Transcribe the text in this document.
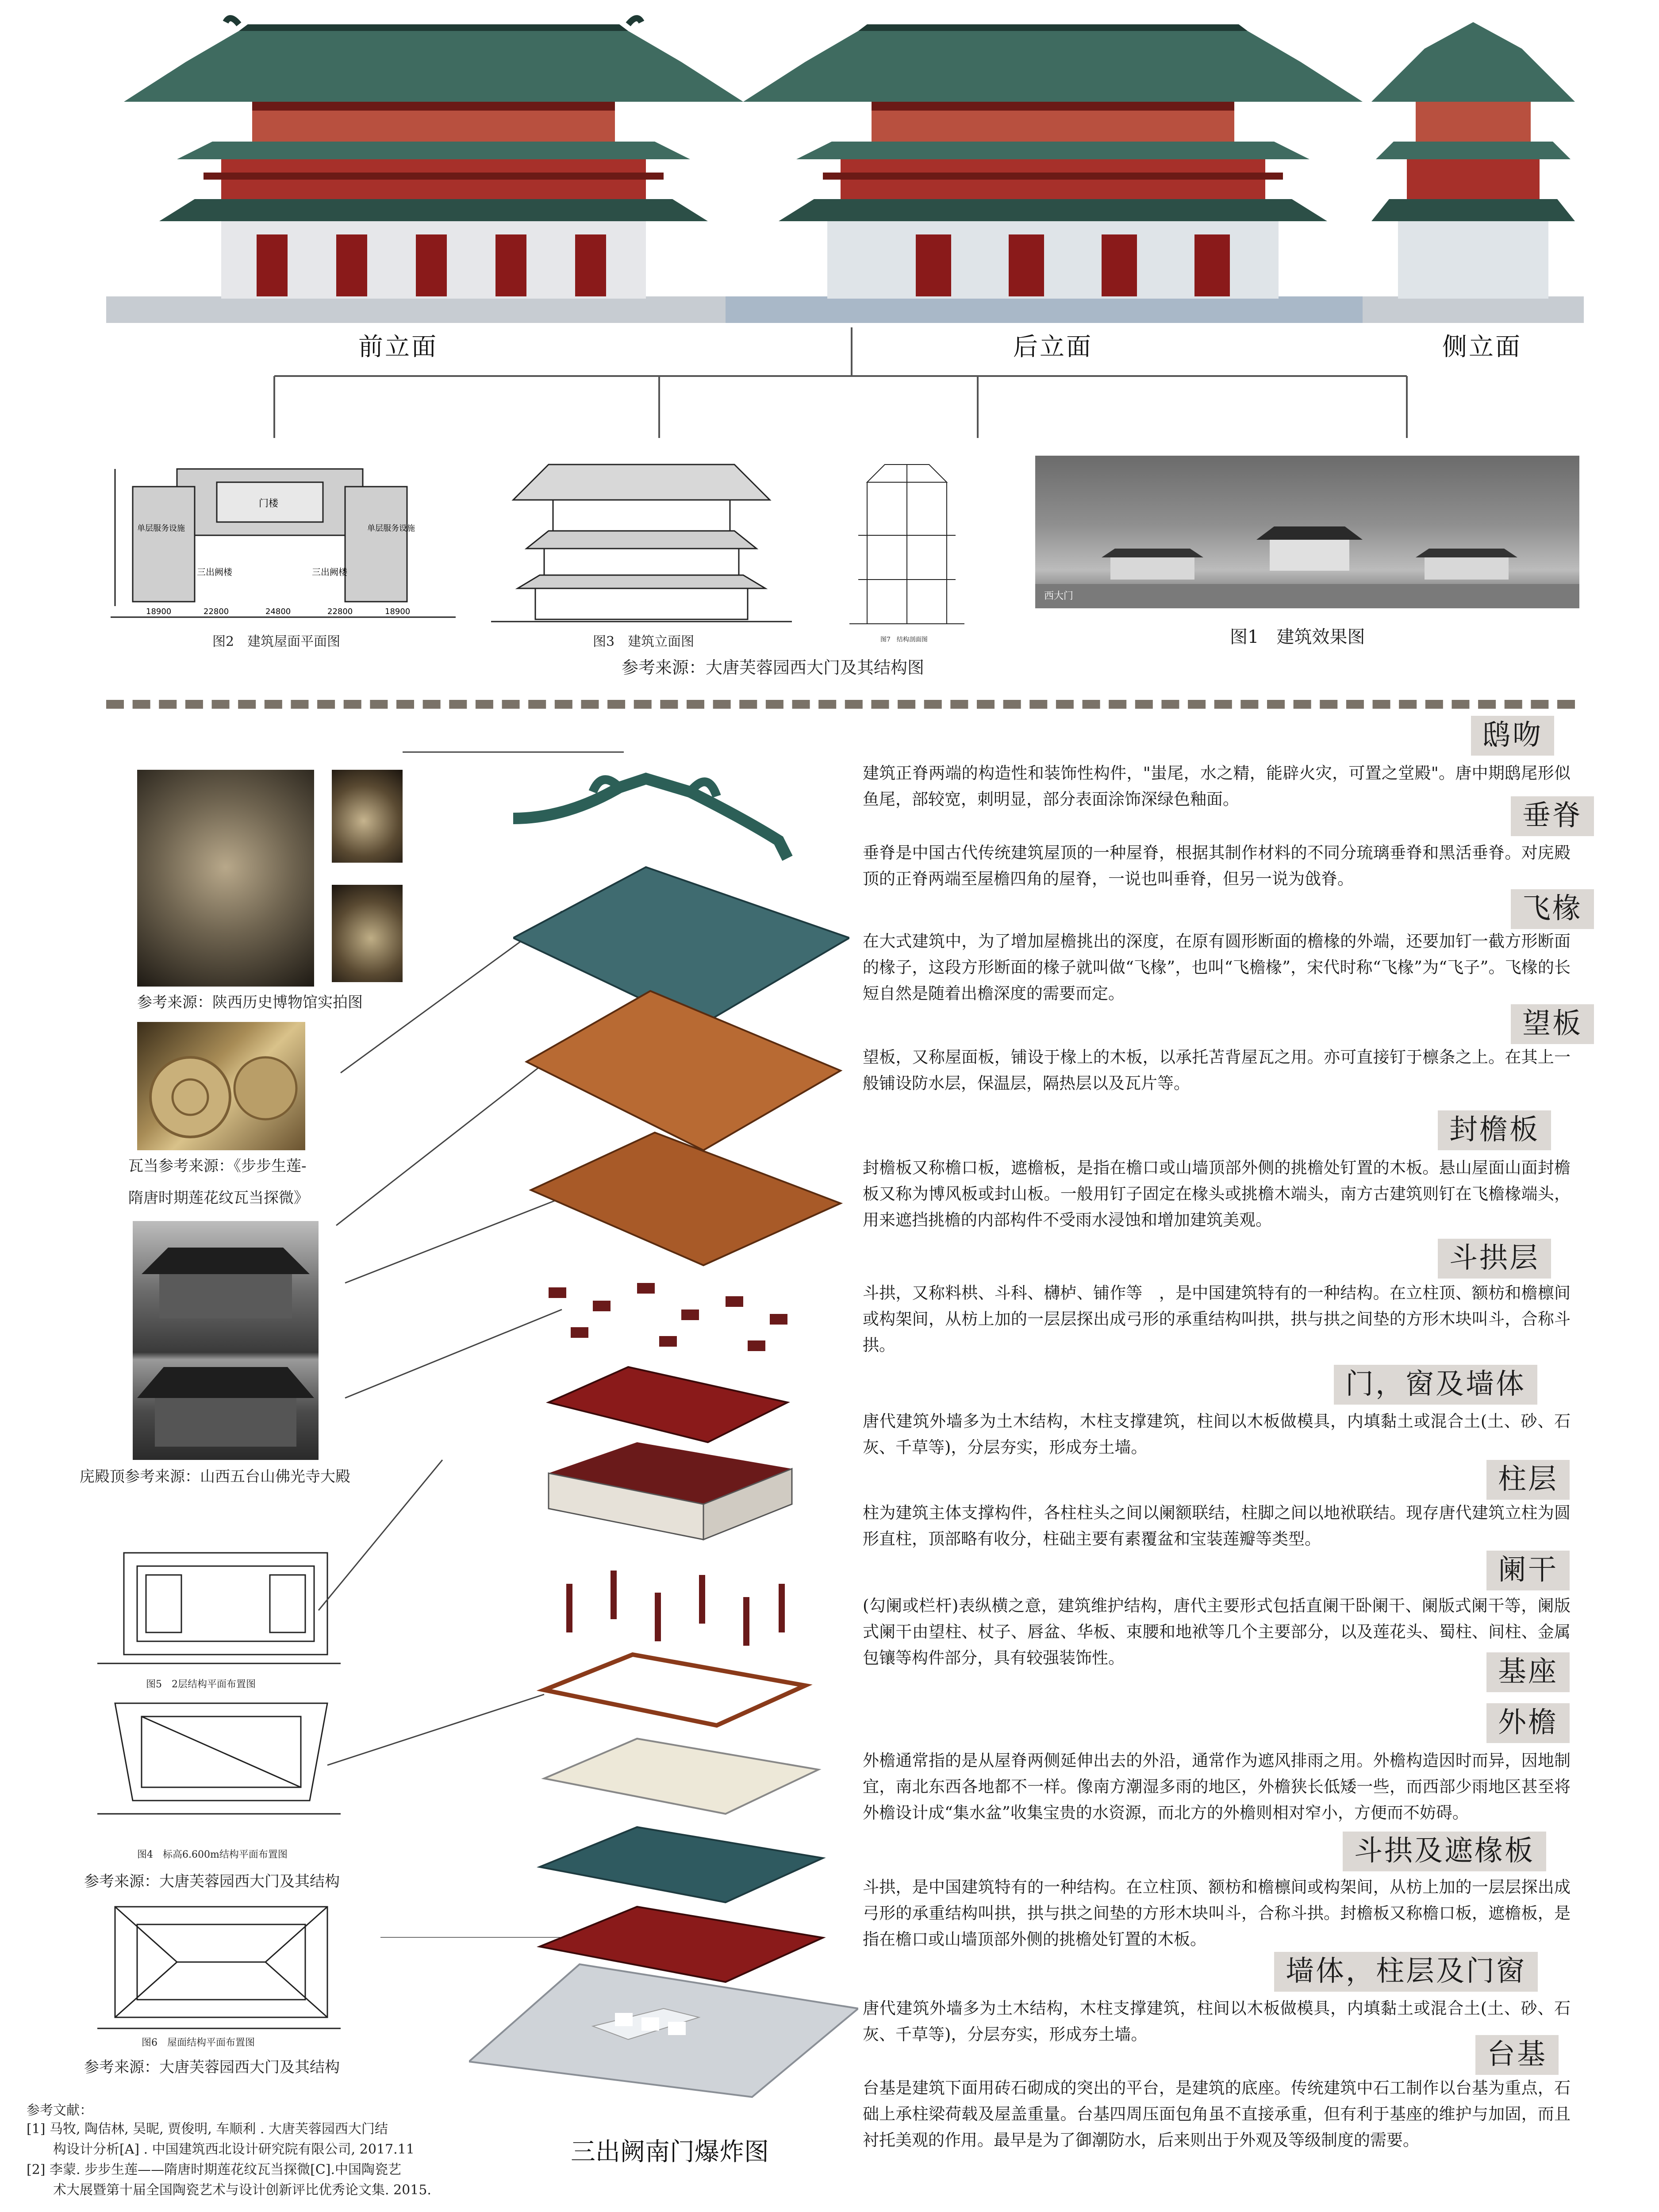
前立面	后立面	侧立面
门楼
三出阙楼	三出阙楼
单层服务设施	单层服务设施
18900	22800	24800	22800	18900
图2　建筑屋面平面图	图3　建筑立面图	图7　结构剖面图
西大门
图1　建筑效果图
参考来源：大唐芙蓉园西大门及其结构图
参考来源：陕西历史博物馆实拍图
瓦当参考来源：《步步生莲-
隋唐时期莲花纹瓦当探微》
庑殿顶参考来源：山西五台山佛光寺大殿
图5　2层结构平面布置图
图4　标高6.600m结构平面布置图
参考来源：大唐芙蓉园西大门及其结构
图6　屋面结构平面布置图
参考来源：大唐芙蓉园西大门及其结构
参考文献：
[1] 马牧, 陶佶林, 吴昵, 贾俊明, 车顺利 . 大唐芙蓉园西大门结
构设计分析[A] . 中国建筑西北设计研究院有限公司, 2017.11
[2] 李蒙. 步步生莲——隋唐时期莲花纹瓦当探微[C].中国陶瓷艺
术大展暨第十届全国陶瓷艺术与设计创新评比优秀论文集. 2015.
三出阙南门爆炸图
鸱吻
建筑正脊两端的构造性和装饰性构件，"蚩尾，水之精，能辟火灾，可置之堂殿"。唐中期鸱尾形似鱼尾，部较宽，刺明显，部分表面涂饰深绿色釉面。
垂脊
垂脊是中国古代传统建筑屋顶的一种屋脊，根据其制作材料的不同分琉璃垂脊和黑活垂脊。对庑殿顶的正脊两端至屋檐四角的屋脊，一说也叫垂脊，但另一说为戗脊。
飞椽
在大式建筑中，为了增加屋檐挑出的深度，在原有圆形断面的檐椽的外端，还要加钉一截方形断面的椽子，这段方形断面的椽子就叫做“飞椽”，也叫“飞檐椽”，宋代时称“飞椽”为“飞子”。飞椽的长短自然是随着出檐深度的需要而定。
望板
望板，又称屋面板，铺设于椽上的木板，以承托苫背屋瓦之用。亦可直接钉于檩条之上。在其上一般铺设防水层，保温层，隔热层以及瓦片等。
封檐板
封檐板又称檐口板，遮檐板，是指在檐口或山墙顶部外侧的挑檐处钉置的木板。悬山屋面山面封檐板又称为博风板或封山板。一般用钉子固定在椽头或挑檐木端头，南方古建筑则钉在飞檐椽端头，用来遮挡挑檐的内部构件不受雨水浸蚀和增加建筑美观。
斗拱层
斗拱，又称料栱、斗科、欂栌、铺作等　，是中国建筑特有的一种结构。在立柱顶、额枋和檐檩间或构架间，从枋上加的一层层探出成弓形的承重结构叫拱，拱与拱之间垫的方形木块叫斗，合称斗拱。
门，窗及墙体
唐代建筑外墙多为土木结构，木柱支撑建筑，柱间以木板做模具，内填黏土或混合土(土、砂、石灰、千草等)，分层夯实，形成夯土墙。
柱层
柱为建筑主体支撑构件，各柱柱头之间以阑额联结，柱脚之间以地袱联结。现存唐代建筑立柱为圆形直柱，顶部略有收分，柱础主要有素覆盆和宝装莲瓣等类型。
阑干
(勾阑或栏杆)表纵横之意，建筑维护结构，唐代主要形式包括直阑干卧阑干、阑版式阑干等，阑版式阑干由望柱、杖子、唇盆、华板、束腰和地袱等几个主要部分，以及莲花头、蜀柱、间柱、金属包镶等构件部分，具有较强装饰性。	基座
外檐
外檐通常指的是从屋脊两侧延伸出去的外沿，通常作为遮风排雨之用。外檐构造因时而异，因地制宜，南北东西各地都不一样。像南方潮湿多雨的地区，外檐狭长低矮一些，而西部少雨地区甚至将外檐设计成“集水盆”收集宝贵的水资源，而北方的外檐则相对窄小，方便而不妨碍。
斗拱及遮椽板
斗拱，是中国建筑特有的一种结构。在立柱顶、额枋和檐檩间或构架间，从枋上加的一层层探出成弓形的承重结构叫拱，拱与拱之间垫的方形木块叫斗，合称斗拱。封檐板又称檐口板，遮檐板，是指在檐口或山墙顶部外侧的挑檐处钉置的木板。
墙体，柱层及门窗
唐代建筑外墙多为土木结构，木柱支撑建筑，柱间以木板做模具，内填黏土或混合土(土、砂、石灰、千草等)，分层夯实，形成夯土墙。
台基
台基是建筑下面用砖石砌成的突出的平台，是建筑的底座。传统建筑中石工制作以台基为重点，石础上承柱梁荷载及屋盖重量。台基四周压面包角虽不直接承重，但有利于基座的维护与加固，而且衬托美观的作用。最早是为了御潮防水，后来则出于外观及等级制度的需要。
